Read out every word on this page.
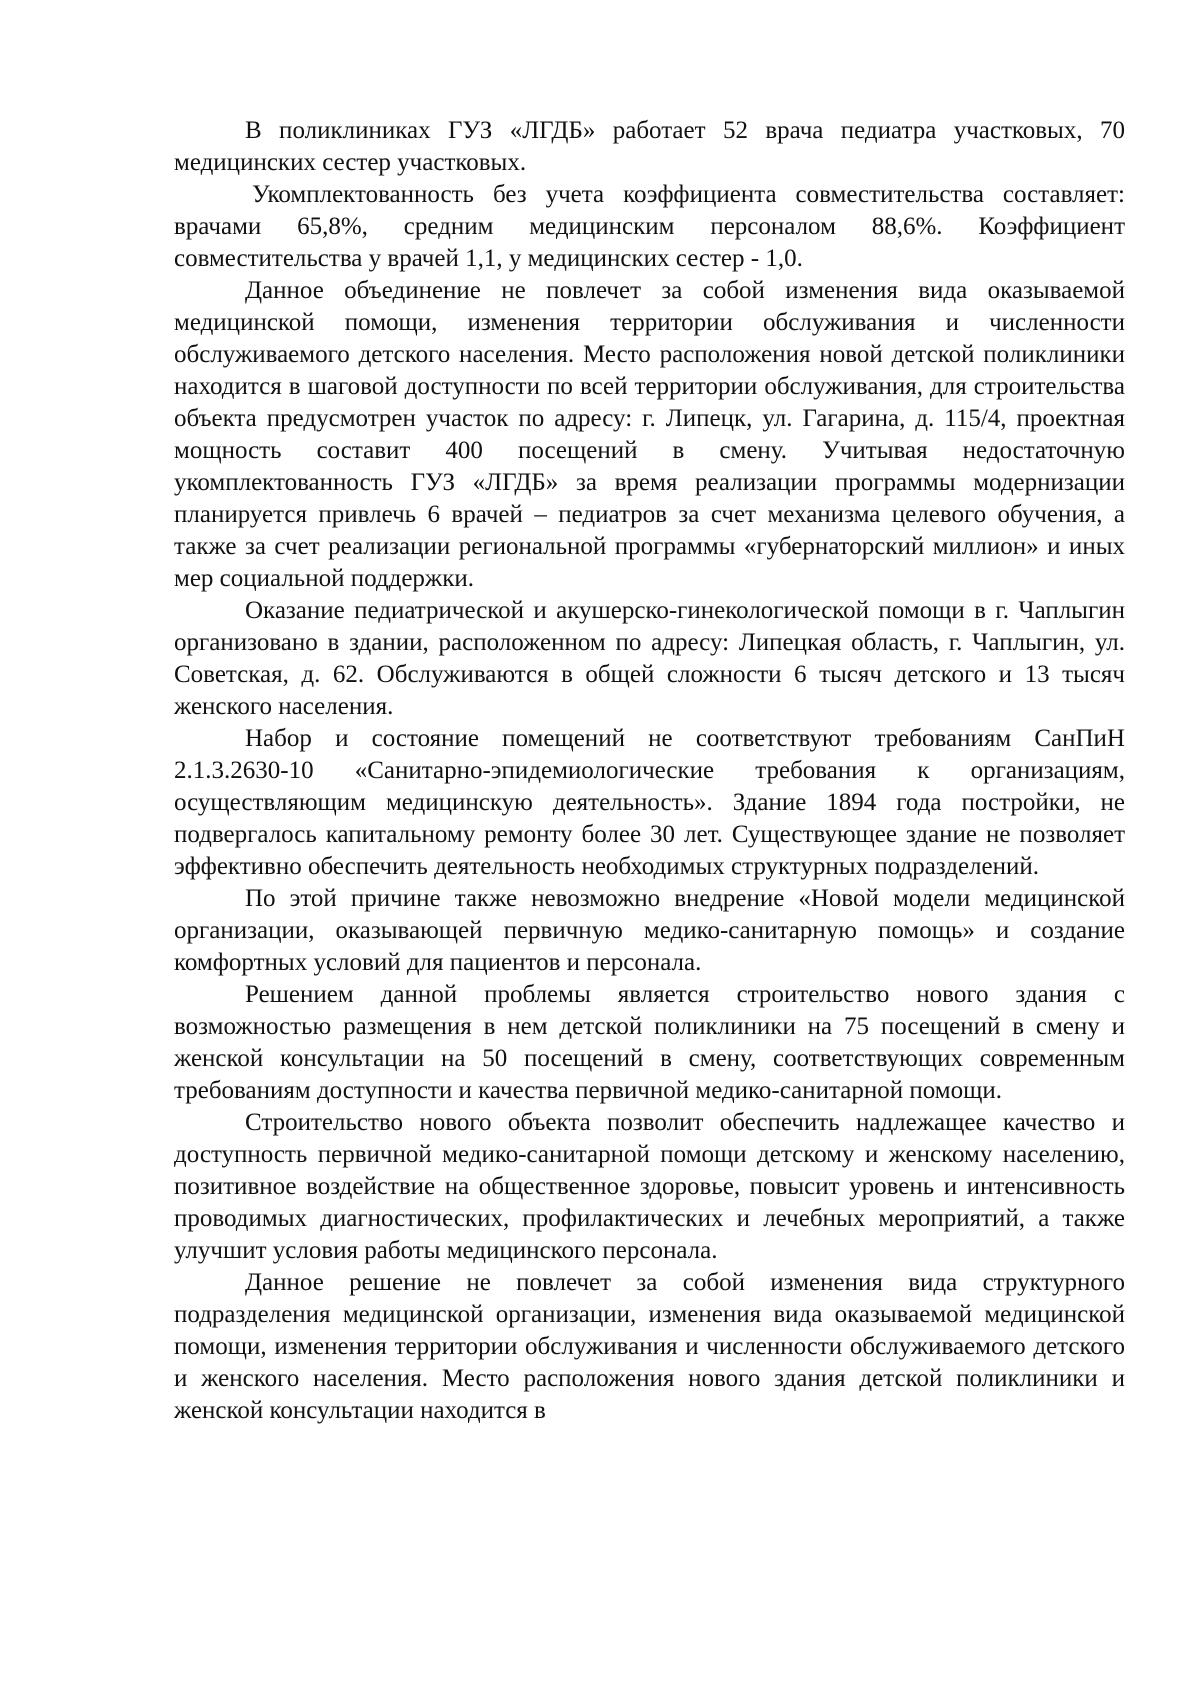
В поликлиниках ГУЗ «ЛГДБ» работает 52 врача педиатра участковых, 70 медицинских сестер участковых.

Укомплектованность без учета коэффициента совместительства составляет: врачами 65,8%, средним медицинским персоналом 88,6%. Коэффициент совместительства у врачей 1,1, у медицинских сестер - 1,0.

Данное объединение не повлечет за собой изменения вида оказываемой медицинской помощи, изменения территории обслуживания и численности обслуживаемого детского населения. Место расположения новой детской поликлиники находится в шаговой доступности по всей территории обслуживания, для строительства объекта предусмотрен участок по адресу: г. Липецк, ул. Гагарина, д. 115/4, проектная мощность составит 400 посещений в смену. Учитывая недостаточную укомплектованность ГУЗ «ЛГДБ» за время реализации программы модернизации планируется привлечь 6 врачей – педиатров за счет механизма целевого обучения, а также за счет реализации региональной программы «губернаторский миллион» и иных мер социальной поддержки.

Оказание педиатрической и акушерско-гинекологической помощи в г. Чаплыгин организовано в здании, расположенном по адресу: Липецкая область, г. Чаплыгин, ул. Советская, д. 62. Обслуживаются в общей сложности 6 тысяч детского и 13 тысяч женского населения.

Набор и состояние помещений не соответствуют требованиям СанПиН 2.1.3.2630-10 «Санитарно-эпидемиологические требования к организациям, осуществляющим медицинскую деятельность». Здание 1894 года постройки, не подвергалось капитальному ремонту более 30 лет. Существующее здание не позволяет эффективно обеспечить деятельность необходимых структурных подразделений.

По этой причине также невозможно внедрение «Новой модели медицинской организации, оказывающей первичную медико-санитарную помощь» и создание комфортных условий для пациентов и персонала.

Решением данной проблемы является строительство нового здания с возможностью размещения в нем детской поликлиники на 75 посещений в смену и женской консультации на 50 посещений в смену, соответствующих современным требованиям доступности и качества первичной медико-санитарной помощи.

Строительство нового объекта позволит обеспечить надлежащее качество и доступность первичной медико-санитарной помощи детскому и женскому населению, позитивное воздействие на общественное здоровье, повысит уровень и интенсивность проводимых диагностических, профилактических и лечебных мероприятий, а также улучшит условия работы медицинского персонала.

Данное решение не повлечет за собой изменения вида структурного подразделения медицинской организации, изменения вида оказываемой медицинской помощи, изменения территории обслуживания и численности обслуживаемого детского и женского населения. Место расположения нового здания детской поликлиники и женской консультации находится в
